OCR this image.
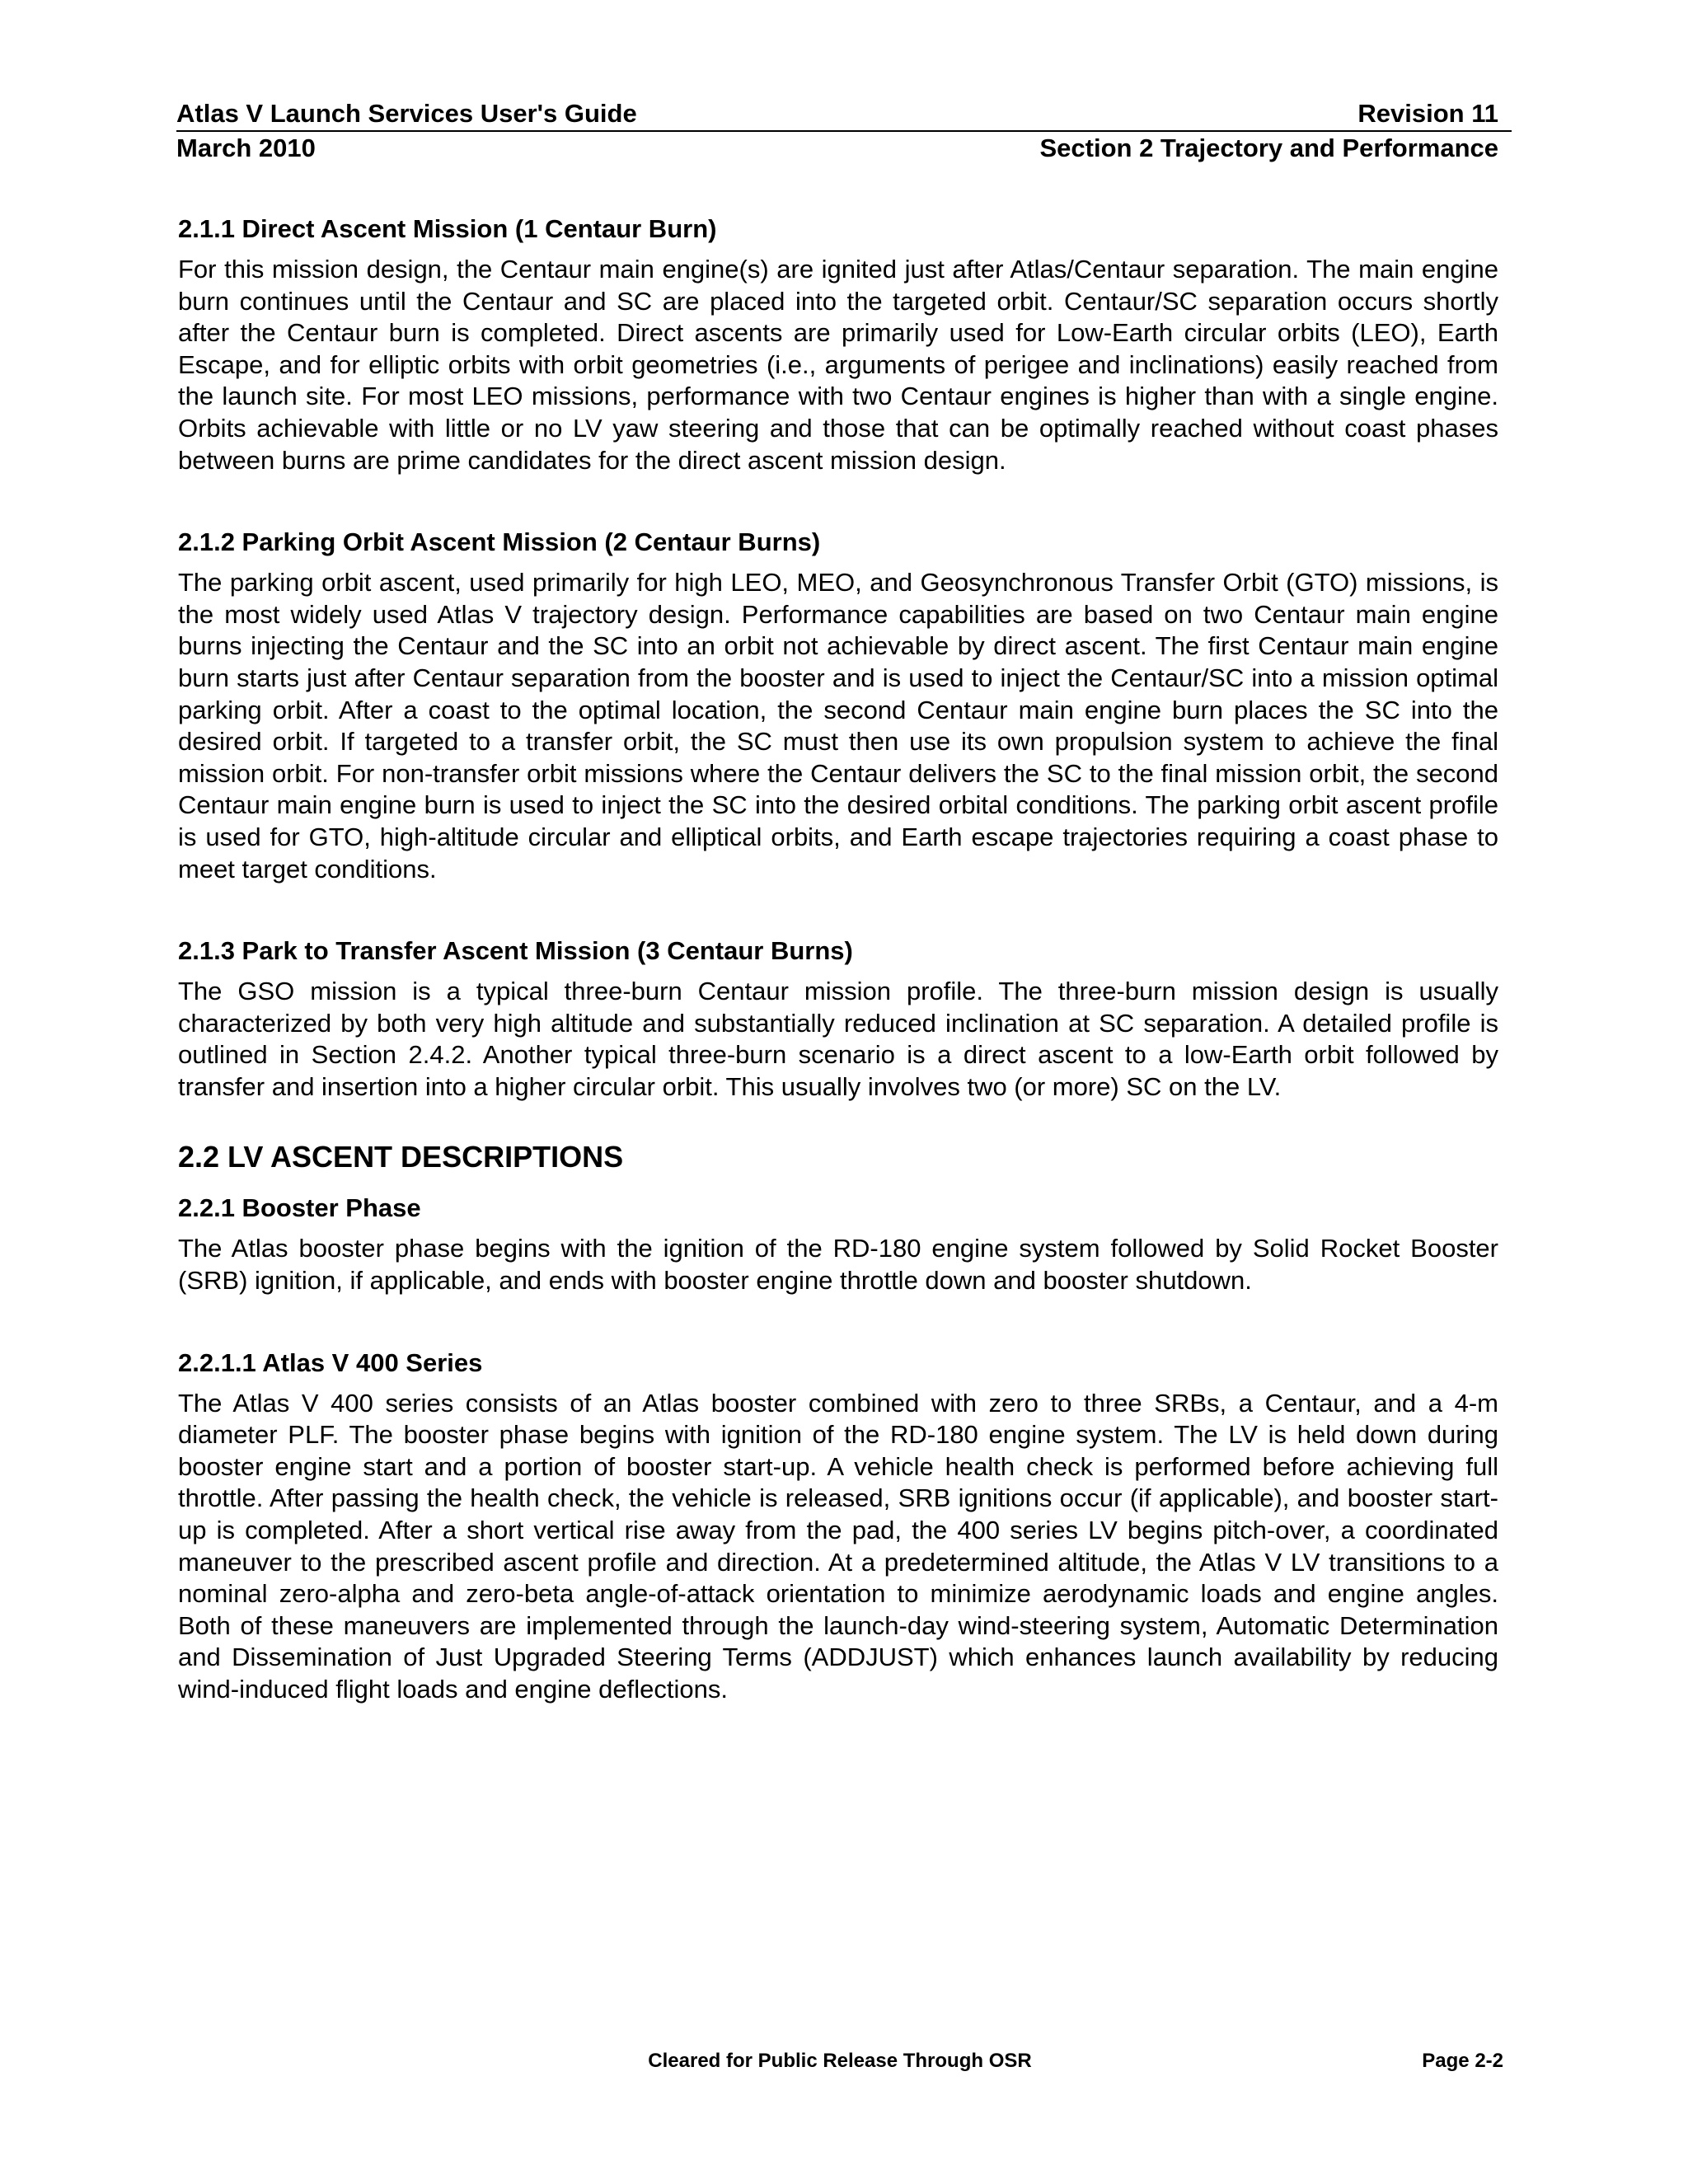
Atlas V Launch Services User's Guide	Revision 11
March 2010	Section 2 Trajectory and Performance
2.1.1 Direct Ascent Mission (1 Centaur Burn)

For this mission design, the Centaur main engine(s) are ignited just after Atlas/Centaur separation. The main engine burn continues until the Centaur and SC are placed into the targeted orbit. Centaur/SC separation occurs shortly after the Centaur burn is completed. Direct ascents are primarily used for Low-Earth circular orbits (LEO), Earth Escape, and for elliptic orbits with orbit geometries (i.e., arguments of perigee and inclinations) easily reached from the launch site. For most LEO missions, performance with two Centaur engines is higher than with a single engine. Orbits achievable with little or no LV yaw steering and those that can be optimally reached without coast phases between burns are prime candidates for the direct ascent mission design.

2.1.2 Parking Orbit Ascent Mission (2 Centaur Burns)

The parking orbit ascent, used primarily for high LEO, MEO, and Geosynchronous Transfer Orbit (GTO) missions, is the most widely used Atlas V trajectory design. Performance capabilities are based on two Centaur main engine burns injecting the Centaur and the SC into an orbit not achievable by direct ascent. The first Centaur main engine burn starts just after Centaur separation from the booster and is used to inject the Centaur/SC into a mission optimal parking orbit. After a coast to the optimal location, the second Centaur main engine burn places the SC into the desired orbit. If targeted to a transfer orbit, the SC must then use its own propulsion system to achieve the final mission orbit. For non-transfer orbit missions where the Centaur delivers the SC to the final mission orbit, the second Centaur main engine burn is used to inject the SC into the desired orbital conditions. The parking orbit ascent profile is used for GTO, high-altitude circular and elliptical orbits, and Earth escape trajectories requiring a coast phase to meet target conditions.

2.1.3 Park to Transfer Ascent Mission (3 Centaur Burns)

The GSO mission is a typical three-burn Centaur mission profile. The three-burn mission design is usually characterized by both very high altitude and substantially reduced inclination at SC separation. A detailed profile is outlined in Section 2.4.2. Another typical three-burn scenario is a direct ascent to a low-Earth orbit followed by transfer and insertion into a higher circular orbit. This usually involves two (or more) SC on the LV.

2.2 LV ASCENT DESCRIPTIONS
2.2.1 Booster Phase

The Atlas booster phase begins with the ignition of the RD-180 engine system followed by Solid Rocket Booster (SRB) ignition, if applicable, and ends with booster engine throttle down and booster shutdown.

2.2.1.1 Atlas V 400 Series

The Atlas V 400 series consists of an Atlas booster combined with zero to three SRBs, a Centaur, and a 4-m diameter PLF. The booster phase begins with ignition of the RD-180 engine system. The LV is held down during booster engine start and a portion of booster start-up. A vehicle health check is performed before achieving full throttle. After passing the health check, the vehicle is released, SRB ignitions occur (if applicable), and booster start-up is completed. After a short vertical rise away from the pad, the 400 series LV begins pitch-over, a coordinated maneuver to the prescribed ascent profile and direction. At a predetermined altitude, the Atlas V LV transitions to a nominal zero-alpha and zero-beta angle-of-attack orientation to minimize aerodynamic loads and engine angles. Both of these maneuvers are implemented through the launch-day wind-steering system, Automatic Determination and Dissemination of Just Upgraded Steering Terms (ADDJUST) which enhances launch availability by reducing wind-induced flight loads and engine deflections.

Cleared for Public Release Through OSR	Page 2-2
